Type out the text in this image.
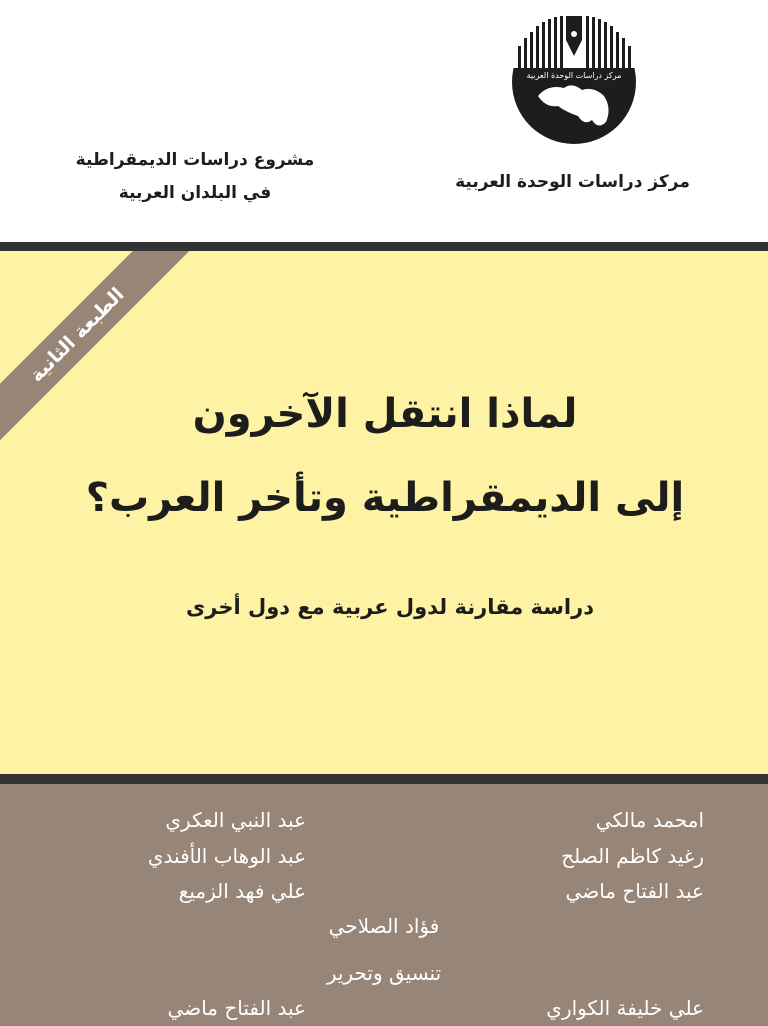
مركز دراسات الوحدة العربية
مركز دراسات الوحدة العربية
مشروع دراسات الديمقراطية
في البلدان العربية
الطبعة الثانية
لماذا انتقل الآخرون
إلى الديمقراطية وتأخر العرب؟
دراسة مقارنة لدول عربية مع دول أخرى
امحمد مالكي
رغيد كاظم الصلح
عبد الفتاح ماضي
عبد النبي العكري
عبد الوهاب الأفندي
علي فهد الزميع
فؤاد الصلاحي
تنسيق وتحرير
علي خليفة الكواري
عبد الفتاح ماضي
